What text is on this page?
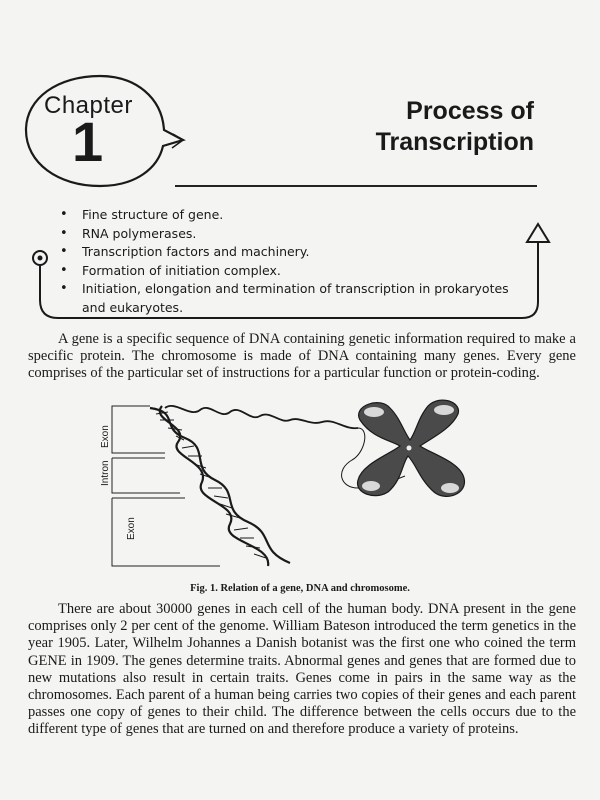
Chapter
1	Process of
Transcription
• Fine structure of gene.
• RNA polymerases.
• Transcription factors and machinery.
• Formation of initiation complex.
• Initiation, elongation and termination of transcription in prokaryotes and eukaryotes.

A gene is a specific sequence of DNA containing genetic information required to make a specific protein. The chromosome is made of DNA containing many genes. Every gene comprises of the particular set of instructions for a particular function or protein-coding.

Exon
Intron
Exon
Fig. 1. Relation of a gene, DNA and chromosome.

There are about 30000 genes in each cell of the human body. DNA present in the gene comprises only 2 per cent of the genome. William Bateson introduced the term genetics in the year 1905. Later, Wilhelm Johannes a Danish botanist was the first one who coined the term GENE in 1909. The genes determine traits. Abnormal genes and genes that are formed due to new mutations also result in certain traits. Genes come in pairs in the same way as the chromosomes. Each parent of a human being carries two copies of their genes and each parent passes one copy of genes to their child. The difference between the cells occurs due to the different type of genes that are turned on and therefore produce a variety of proteins.
